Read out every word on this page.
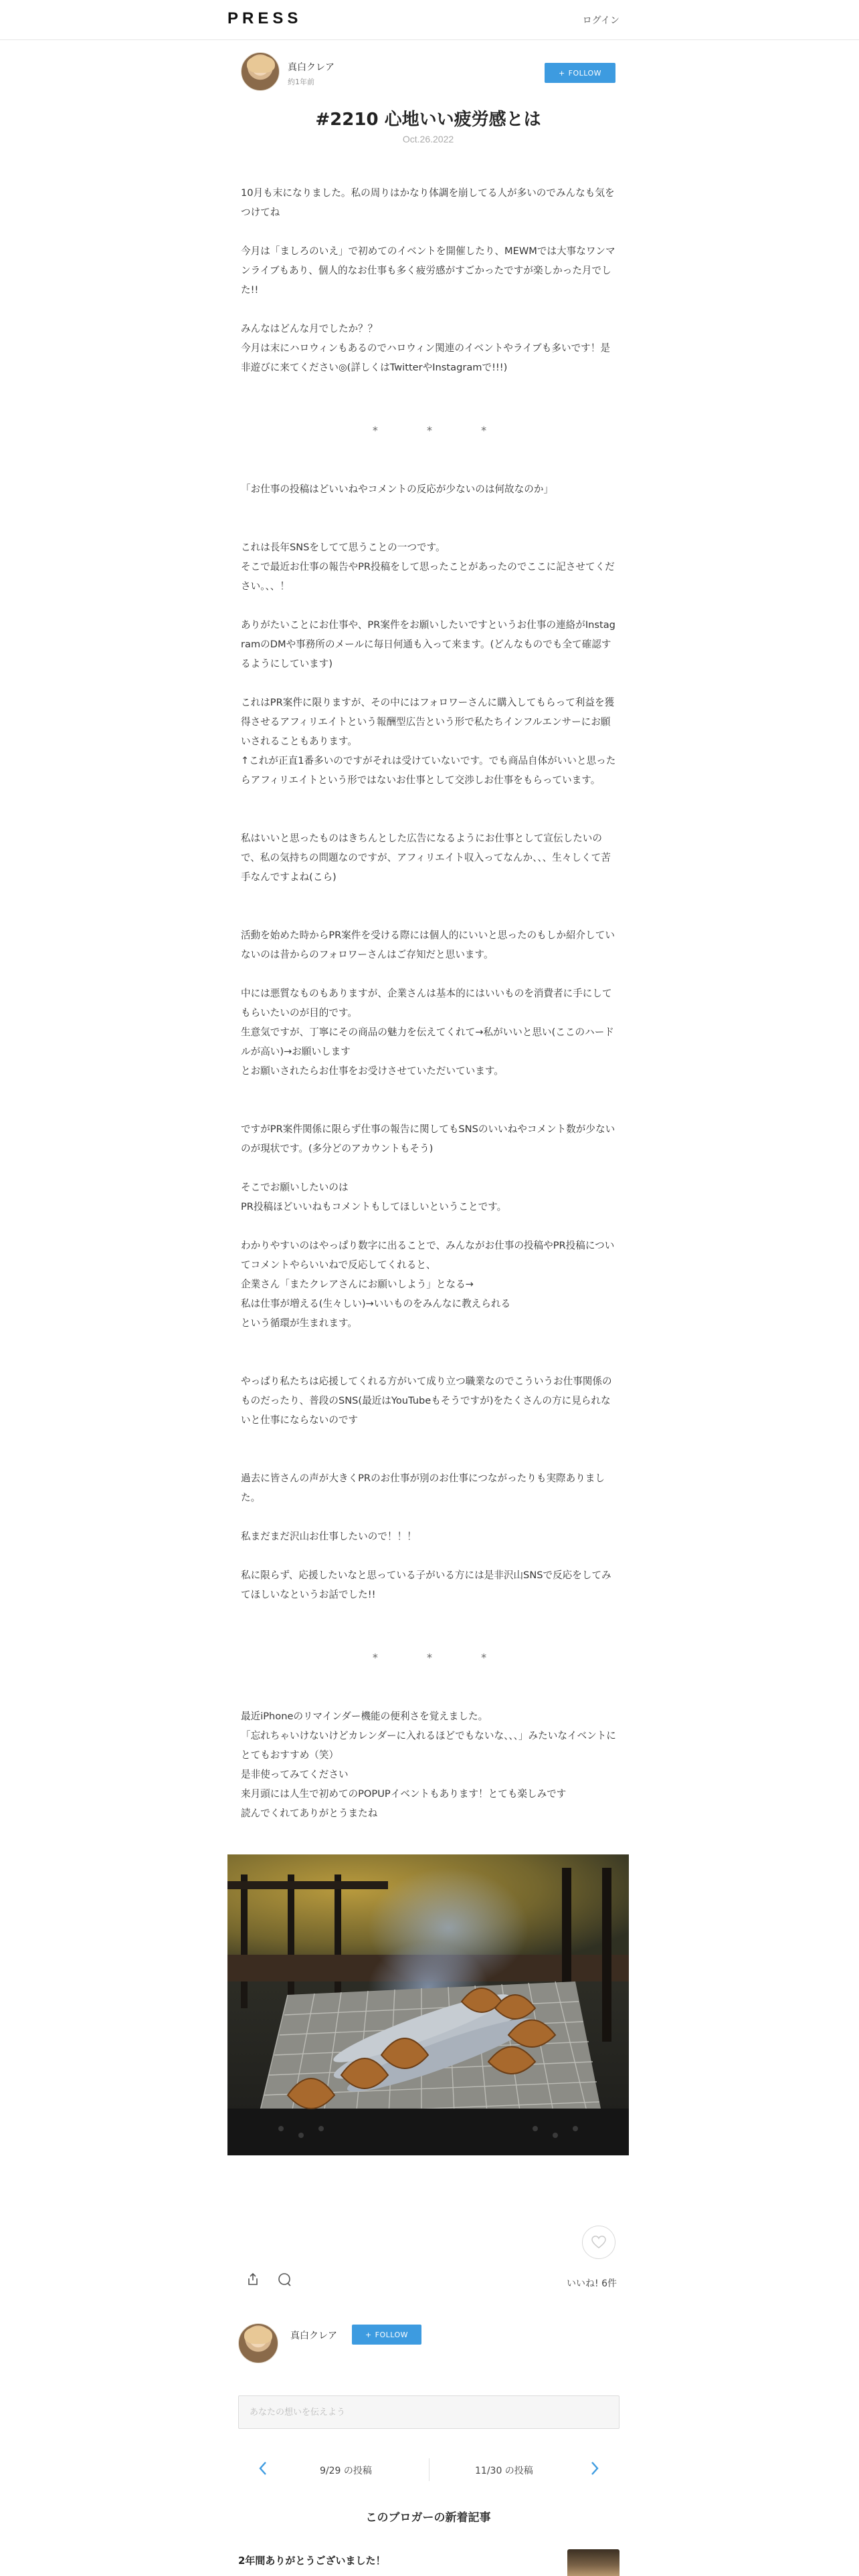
PRESS	ログイン
真白クレア
約1年前
+ FOLLOW
#2210 心地いい疲労感とは
Oct.26.2022

10月も末になりました。私の周りはかなり体調を崩してる人が多いのでみんなも気をつけてね

今月は「ましろのいえ」で初めてのイベントを開催したり、MEWMでは大事なワンマンライブもあり、個人的なお仕事も多く疲労感がすごかったですが楽しかった月でした!!

みんなはどんな月でしたか？？
今月は末にハロウィンもあるのでハロウィン関連のイベントやライブも多いです！是非遊びに来てください◎(詳しくはTwitterやInstagramで!!!)

* * *

「お仕事の投稿はどいいねやコメントの反応が少ないのは何故なのか」

これは長年SNSをしてて思うことの一つです。
そこで最近お仕事の報告やPR投稿をして思ったことがあったのでここに記させてください。、、！

ありがたいことにお仕事や、PR案件をお願いしたいですというお仕事の連絡がInstagramのDMや事務所のメールに毎日何通も入って来ます。(どんなものでも全て確認するようにしています)

これはPR案件に限りますが、その中にはフォロワーさんに購入してもらって利益を獲得させるアフィリエイトという報酬型広告という形で私たちインフルエンサーにお願いされることもあります。
↑これが正直1番多いのですがそれは受けていないです。でも商品自体がいいと思ったらアフィリエイトという形ではないお仕事として交渉しお仕事をもらっています。

私はいいと思ったものはきちんとした広告になるようにお仕事として宣伝したいので、私の気持ちの問題なのですが、アフィリエイト収入ってなんか、、、生々しくて苦手なんですよね(こら)

活動を始めた時からPR案件を受ける際には個人的にいいと思ったのもしか紹介していないのは昔からのフォロワーさんはご存知だと思います。

中には悪質なものもありますが、企業さんは基本的にはいいものを消費者に手にしてもらいたいのが目的です。
生意気ですが、丁寧にその商品の魅力を伝えてくれて→私がいいと思い(ここのハードルが高い)→お願いします
とお願いされたらお仕事をお受けさせていただいています。

ですがPR案件関係に限らず仕事の報告に関してもSNSのいいねやコメント数が少ないのが現状です。(多分どのアカウントもそう)

そこでお願いしたいのは
PR投稿ほどいいねもコメントもしてほしいということです。

わかりやすいのはやっぱり数字に出ることで、みんながお仕事の投稿やPR投稿についてコメントやらいいねで反応してくれると、
企業さん「またクレアさんにお願いしよう」となる→
私は仕事が増える(生々しい)→いいものをみんなに教えられる
という循環が生まれます。

やっぱり私たちは応援してくれる方がいて成り立つ職業なのでこういうお仕事関係のものだったり、普段のSNS(最近はYouTubeもそうですが)をたくさんの方に見られないと仕事にならないのです

過去に皆さんの声が大きくPRのお仕事が別のお仕事につながったりも実際ありました。

私まだまだ沢山お仕事したいので！！！

私に限らず、応援したいなと思っている子がいる方には是非沢山SNSで反応をしてみてほしいなというお話でした!!

* * *

最近iPhoneのリマインダー機能の便利さを覚えました。
「忘れちゃいけないけどカレンダーに入れるほどでもないな、、、」みたいなイベントにとてもおすすめ（笑）
是非使ってみてください
来月頭には人生で初めてのPOPUPイベントもあります！とても楽しみです
読んでくれてありがとうまたね

いいね! 6件
真白クレア	+ FOLLOW
あなたの想いを伝えよう
9/29 の投稿	11/30 の投稿
このブロガーの新着記事
2年間ありがとうございました！
